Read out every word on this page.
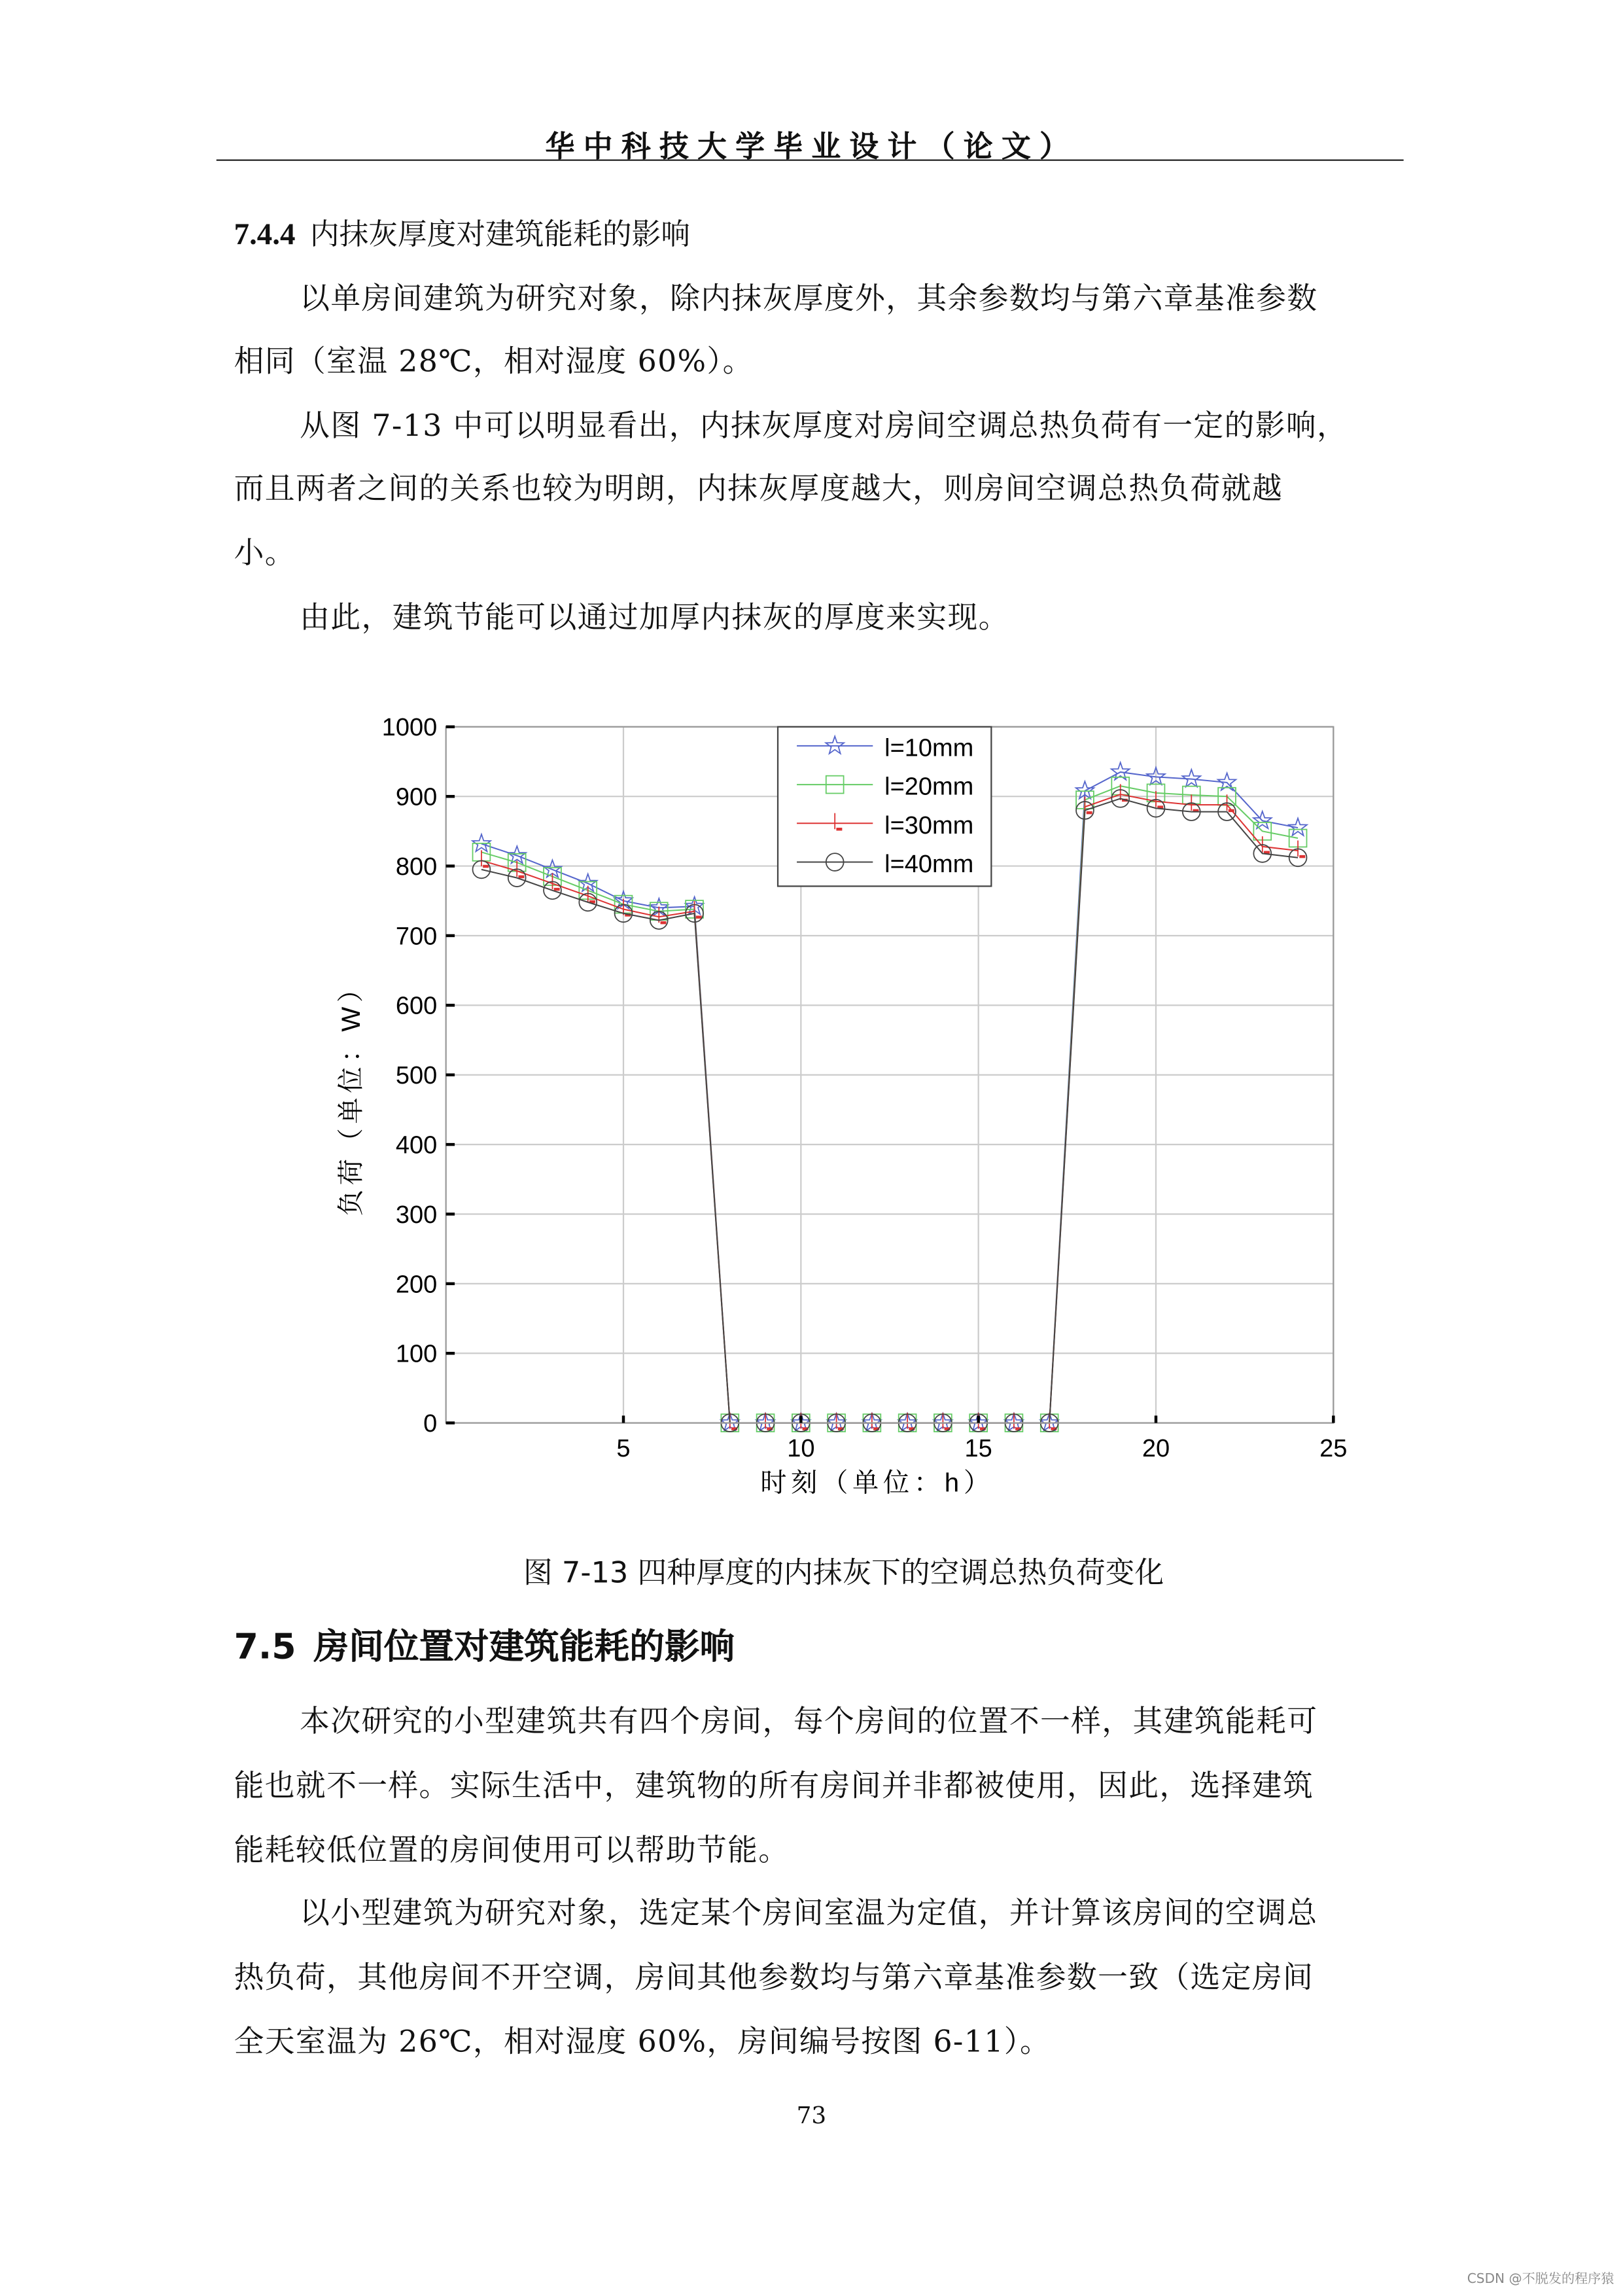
华中科技大学毕业设计（论文）
7.4.4 内抹灰厚度对建筑能耗的影响
以单房间建筑为研究对象，除内抹灰厚度外，其余参数均与第六章基准参数
相同（室温 28℃，相对湿度 60%）。
从图 7-13 中可以明显看出，内抹灰厚度对房间空调总热负荷有一定的影响，
而且两者之间的关系也较为明朗，内抹灰厚度越大，则房间空调总热负荷就越
小。
由此，建筑节能可以通过加厚内抹灰的厚度来实现。
5	10	15	20	25
0
100
200
300
400
500
600
700
800
900
1000
负荷（单位：W）
时刻（单位：h）
l=10mm
l=20mm
l=30mm
l=40mm
图 7-13 四种厚度的内抹灰下的空调总热负荷变化
7.5 房间位置对建筑能耗的影响
本次研究的小型建筑共有四个房间，每个房间的位置不一样，其建筑能耗可
能也就不一样。实际生活中，建筑物的所有房间并非都被使用，因此，选择建筑
能耗较低位置的房间使用可以帮助节能。
以小型建筑为研究对象，选定某个房间室温为定值，并计算该房间的空调总
热负荷，其他房间不开空调，房间其他参数均与第六章基准参数一致（选定房间
全天室温为 26℃，相对湿度 60%，房间编号按图 6-11）。
73
CSDN @不脱发的程序猿
